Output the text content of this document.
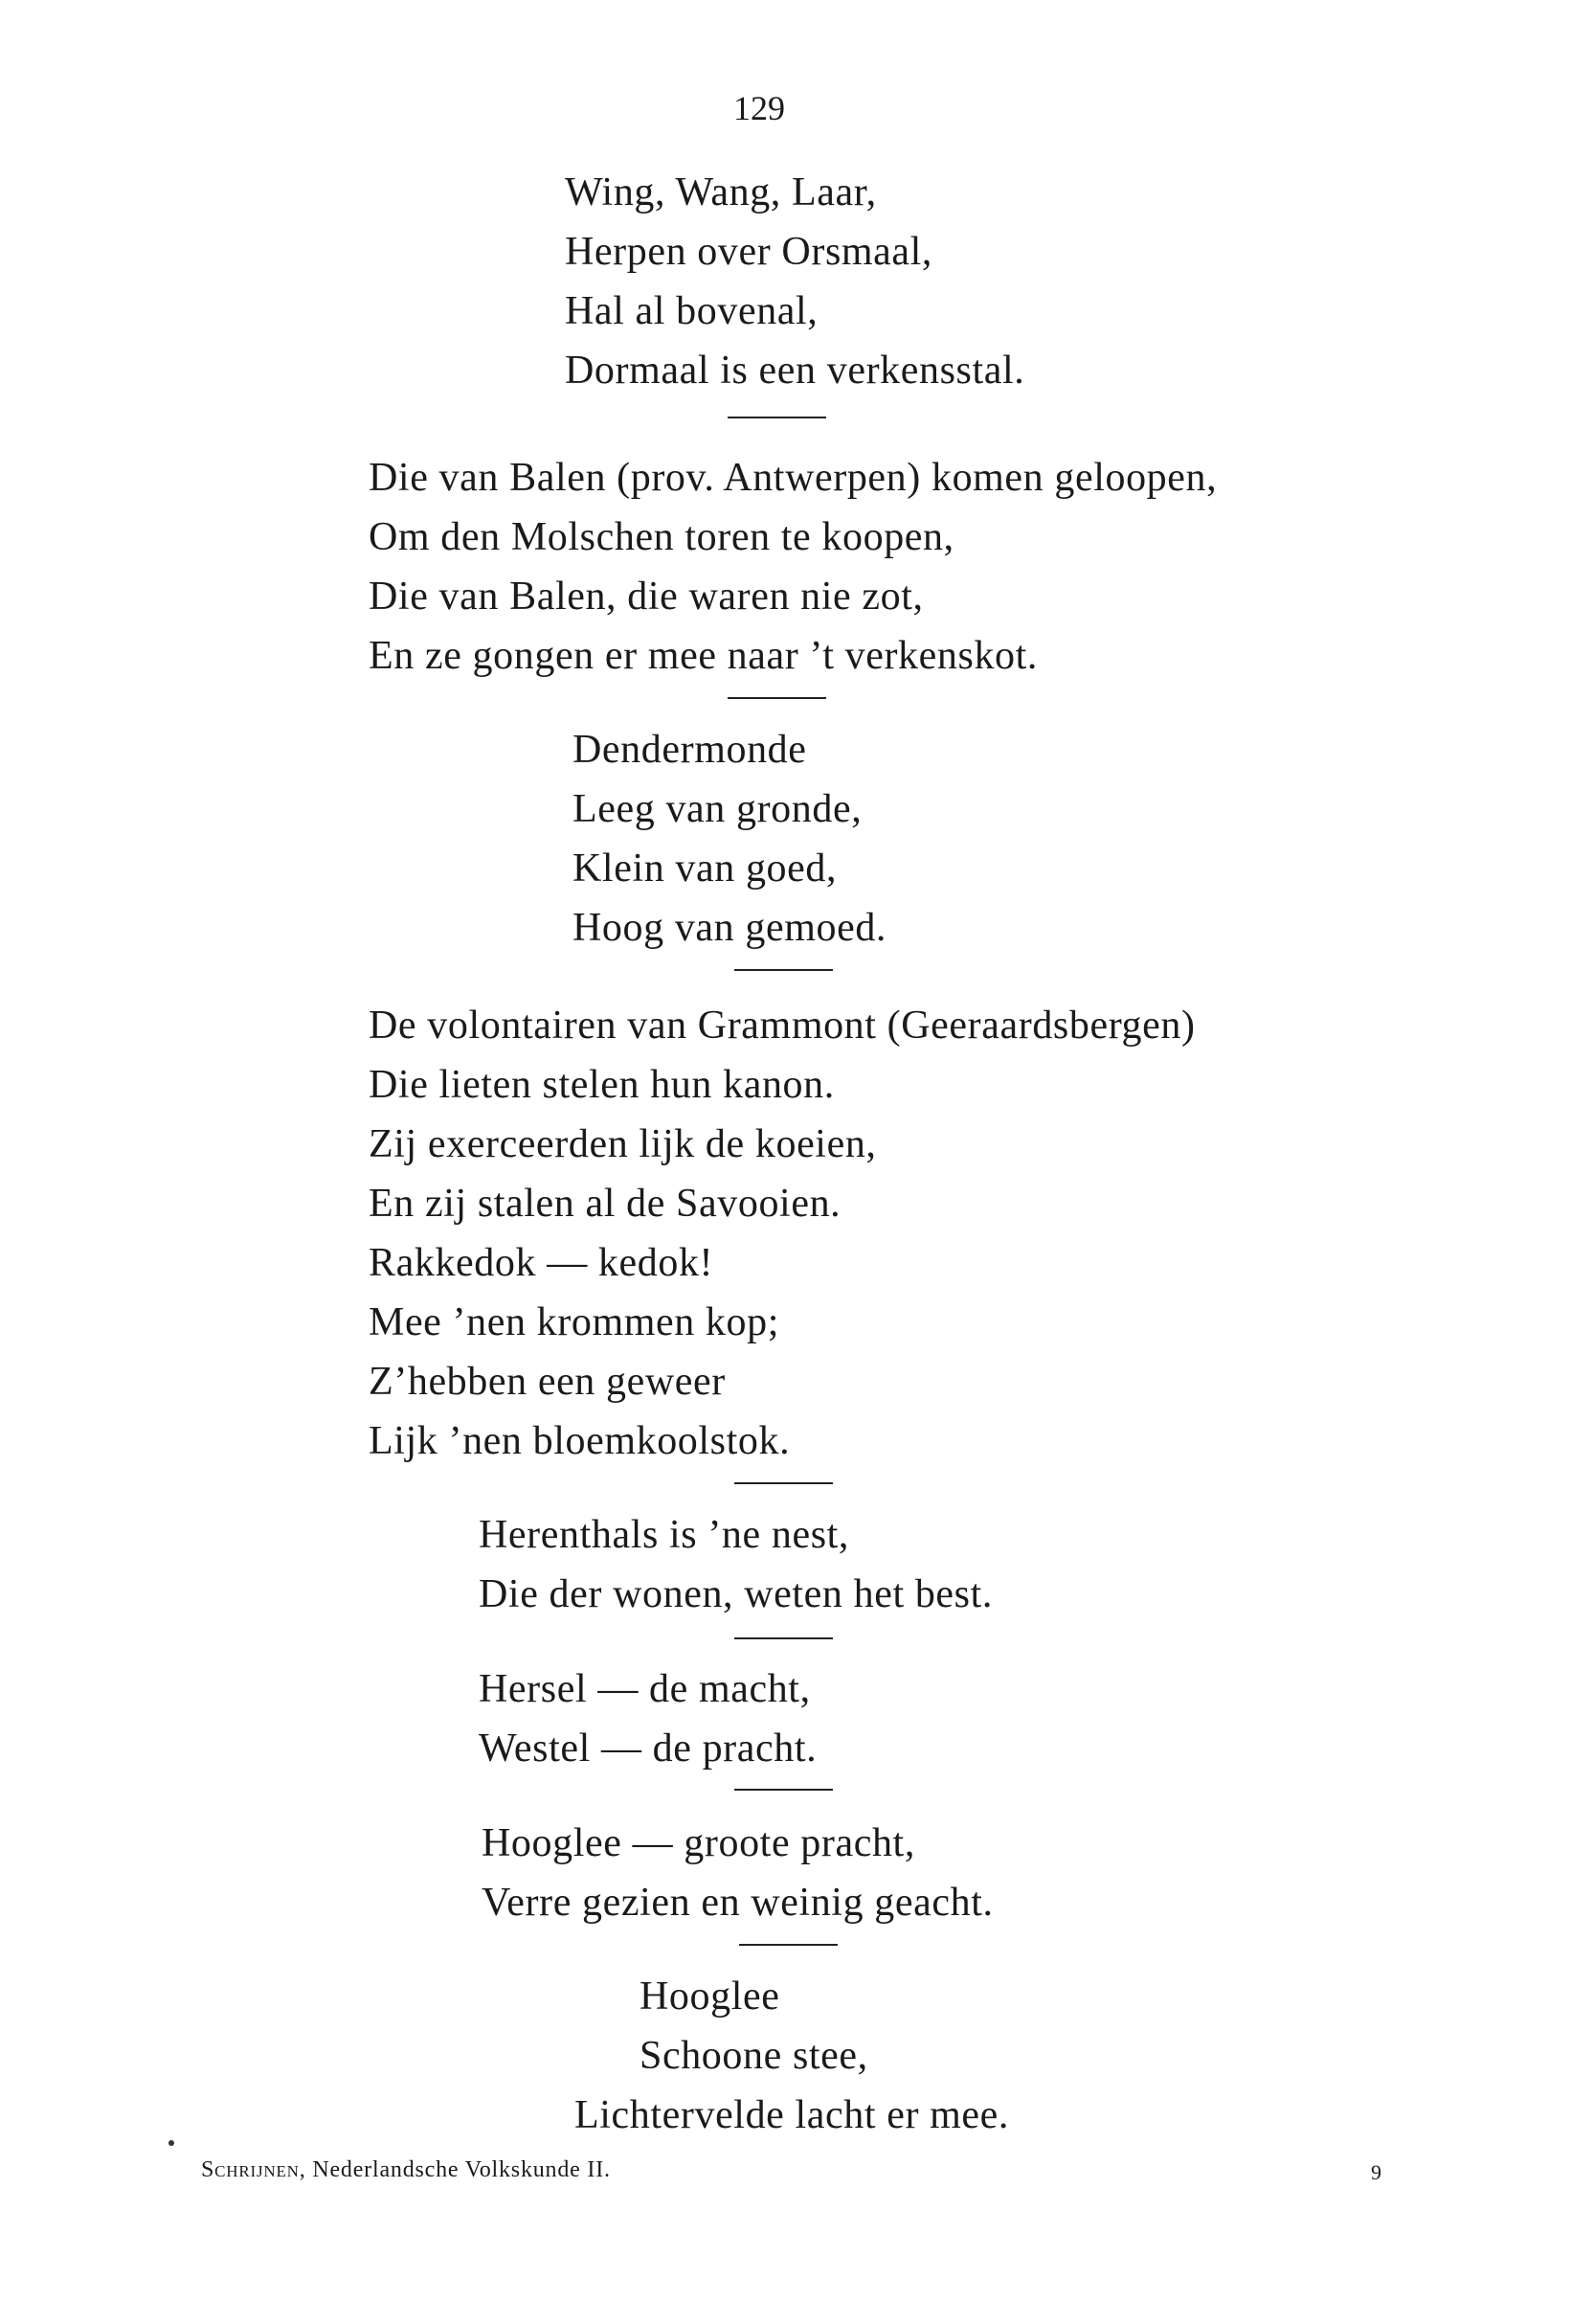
129
Wing, Wang, Laar,
Herpen over Orsmaal,
Hal al bovenal,
Dormaal is een verkensstal.
Die van Balen (prov. Antwerpen) komen geloopen,
Om den Molschen toren te koopen,
Die van Balen, die waren nie zot,
En ze gongen er mee naar ’t verkenskot.
Dendermonde
Leeg van gronde,
Klein van goed,
Hoog van gemoed.
De volontairen van Grammont (Geeraardsbergen)
Die lieten stelen hun kanon.
Zij exerceerden lijk de koeien,
En zij stalen al de Savooien.
Rakkedok — kedok!
Mee ’nen krommen kop;
Z’hebben een geweer
Lijk ’nen bloemkoolstok.
Herenthals is ’ne nest,
Die der wonen, weten het best.
Hersel — de macht,
Westel — de pracht.
Hooglee — groote pracht,
Verre gezien en weinig geacht.
Hooglee
Schoone stee,
Lichtervelde lacht er mee.
Schrijnen, Nederlandsche Volkskunde II.	9
